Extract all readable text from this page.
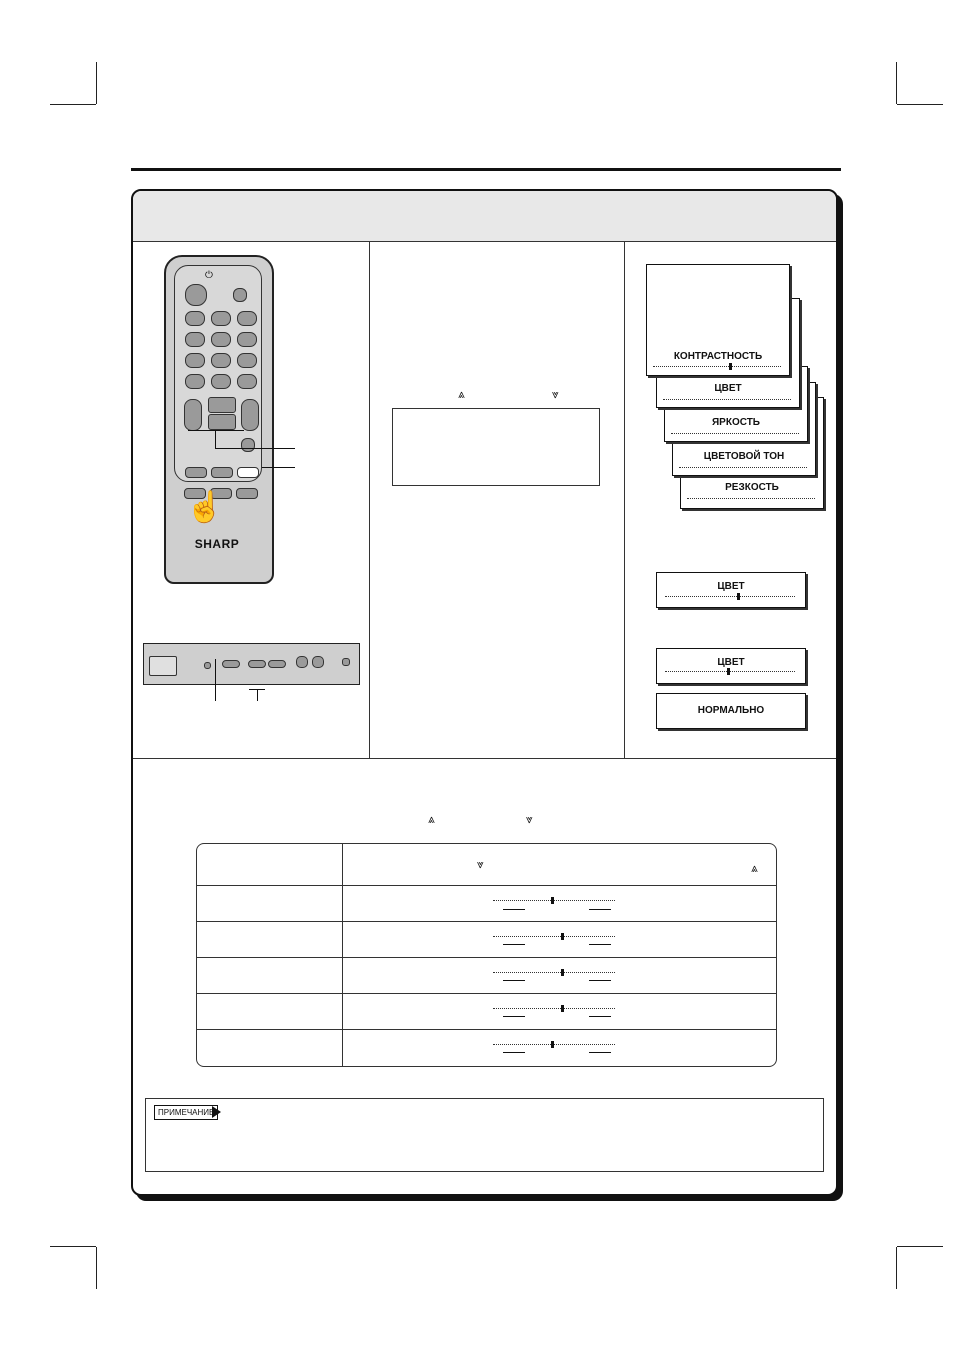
⏻
☝
SHARP
⩓	⩔
РЕЗКОСТЬ
ЦВЕТОВОЙ ТОН
ЯРКОСТЬ
ЦВЕТ
КОНТРАСТНОСТЬ
ЦВЕТ
ЦВЕТ
НОРМАЛЬНО
⩓	⩔
⩔	⩓
ПРИМЕЧАНИЕ
